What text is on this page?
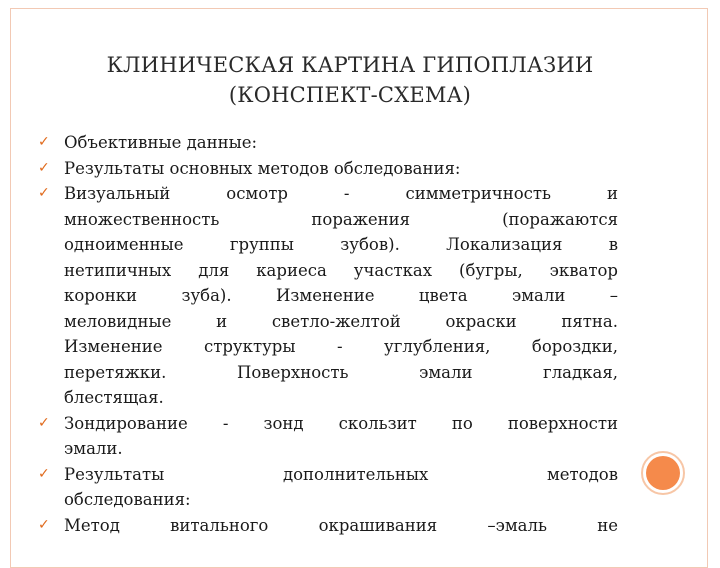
КЛИНИЧЕСКАЯ КАРТИНА ГИПОПЛАЗИИ
(КОНСПЕКТ-СХЕМА)
✓ Объективные данные:
✓ Результаты основных методов обследования:
✓ Визуальный осмотр - симметричность и
множественность поражения (поражаются
одноименные группы зубов). Локализация в
нетипичных для кариеса участках (бугры, экватор
коронки зуба). Изменение цвета эмали –
меловидные и светло-желтой окраски пятна.
Изменение структуры - углубления, бороздки,
перетяжки. Поверхность эмали гладкая,
блестящая.
✓ Зондирование - зонд скользит по поверхности
эмали.
✓ Результаты дополнительных методов
обследования:
✓ Метод витального окрашивания –эмаль не
